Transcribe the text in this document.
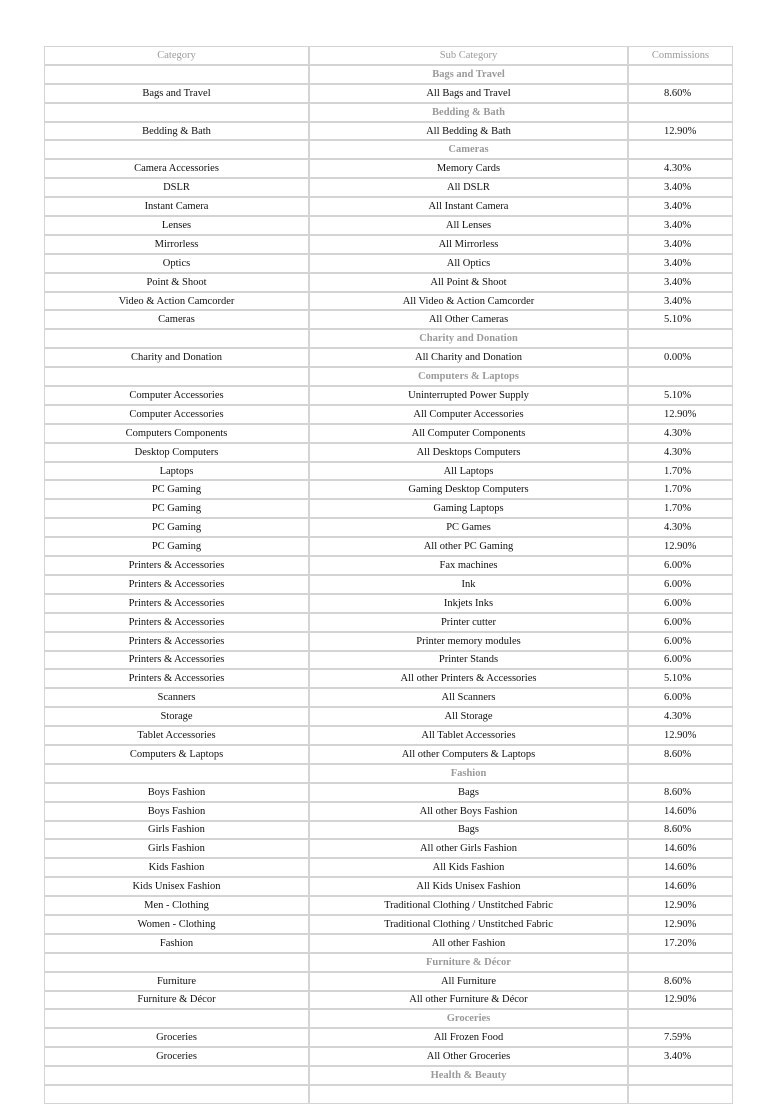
Category	Sub Category	Commissions
	Bags and Travel	
Bags and Travel	All Bags and Travel	8.60%
	Bedding & Bath	
Bedding & Bath	All Bedding & Bath	12.90%
	Cameras	
Camera Accessories	Memory Cards	4.30%
DSLR	All DSLR	3.40%
Instant Camera	All Instant Camera	3.40%
Lenses	All Lenses	3.40%
Mirrorless	All Mirrorless	3.40%
Optics	All Optics	3.40%
Point & Shoot	All Point & Shoot	3.40%
Video & Action Camcorder	All Video & Action Camcorder	3.40%
Cameras	All Other Cameras	5.10%
	Charity and Donation	
Charity and Donation	All Charity and Donation	0.00%
	Computers & Laptops	
Computer Accessories	Uninterrupted Power Supply	5.10%
Computer Accessories	All Computer Accessories	12.90%
Computers Components	All Computer Components	4.30%
Desktop Computers	All Desktops Computers	4.30%
Laptops	All Laptops	1.70%
PC Gaming	Gaming Desktop Computers	1.70%
PC Gaming	Gaming Laptops	1.70%
PC Gaming	PC Games	4.30%
PC Gaming	All other PC Gaming	12.90%
Printers & Accessories	Fax machines	6.00%
Printers & Accessories	Ink	6.00%
Printers & Accessories	Inkjets Inks	6.00%
Printers & Accessories	Printer cutter	6.00%
Printers & Accessories	Printer memory modules	6.00%
Printers & Accessories	Printer Stands	6.00%
Printers & Accessories	All other Printers & Accessories	5.10%
Scanners	All Scanners	6.00%
Storage	All Storage	4.30%
Tablet Accessories	All Tablet Accessories	12.90%
Computers & Laptops	All other Computers & Laptops	8.60%
	Fashion	
Boys Fashion	Bags	8.60%
Boys Fashion	All other Boys Fashion	14.60%
Girls Fashion	Bags	8.60%
Girls Fashion	All other Girls Fashion	14.60%
Kids Fashion	All Kids Fashion	14.60%
Kids Unisex Fashion	All Kids Unisex Fashion	14.60%
Men - Clothing	Traditional Clothing / Unstitched Fabric	12.90%
Women - Clothing	Traditional Clothing / Unstitched Fabric	12.90%
Fashion	All other Fashion	17.20%
	Furniture & Décor	
Furniture	All Furniture	8.60%
Furniture & Décor	All other Furniture & Décor	12.90%
	Groceries	
Groceries	All Frozen Food	7.59%
Groceries	All Other Groceries	3.40%
	Health & Beauty	
